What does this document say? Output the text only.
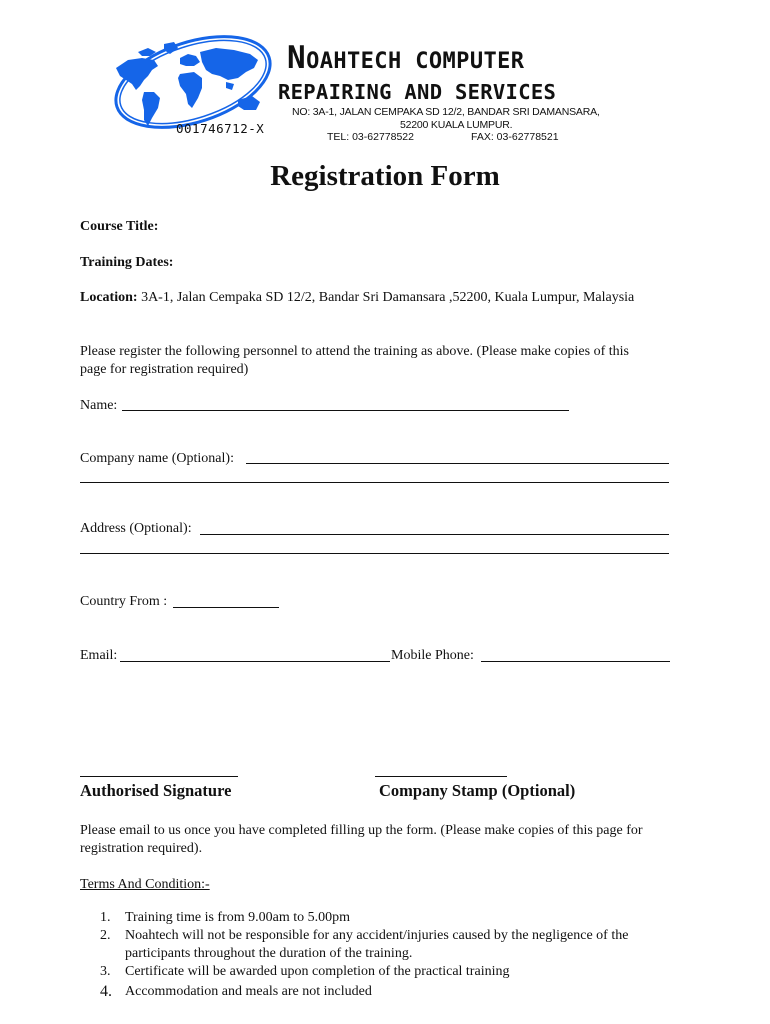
001746712-X
NOAHTECH COMPUTER
REPAIRING AND SERVICES
NO: 3A-1, JALAN CEMPAKA SD 12/2, BANDAR SRI DAMANSARA,
52200 KUALA LUMPUR.
TEL: 03-62778522	FAX: 03-62778521
Registration Form
Course Title:
Training Dates:
Location: 3A-1, Jalan Cempaka SD 12/2, Bandar Sri Damansara ,52200, Kuala Lumpur, Malaysia
Please register the following personnel to attend the training as above. (Please make copies of this
page for registration required)
Name:
Company name (Optional):
Address (Optional):
Country From :
Email:	Mobile Phone:
Authorised Signature	Company Stamp (Optional)
Please email to us once you have completed filling up the form. (Please make copies of this page for
registration required).
Terms And Condition:-
1. Training time is from 9.00am to 5.00pm
2. Noahtech will not be responsible for any accident/injuries caused by the negligence of the
participants throughout the duration of the training.
3. Certificate will be awarded upon completion of the practical training
4. Accommodation and meals are not included
